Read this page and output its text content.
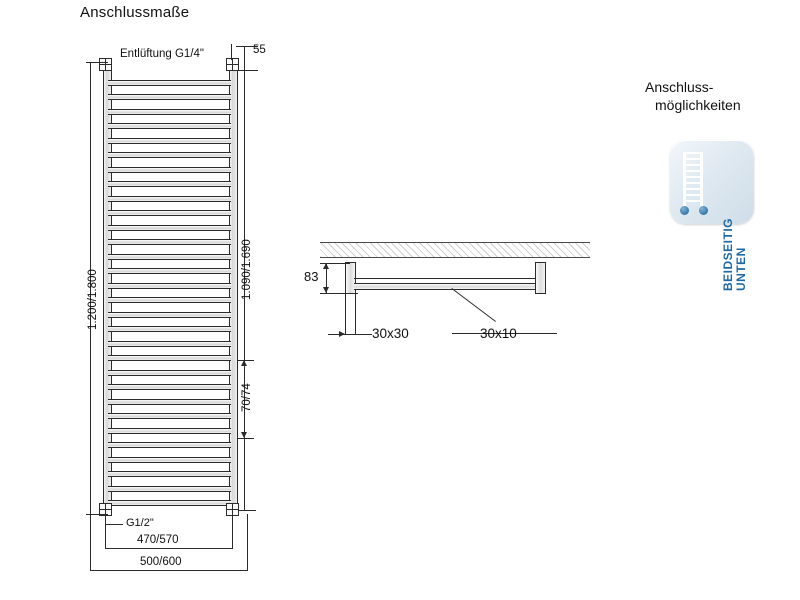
Anschlussmaße
Entlüftung G1/4"	55
1.200/1.800	1.090/1.690
70/74
G1/2"
470/570
500/600
83
30x30	30x10
Anschluss-
möglichkeiten
BEIDSEITIG
UNTEN
